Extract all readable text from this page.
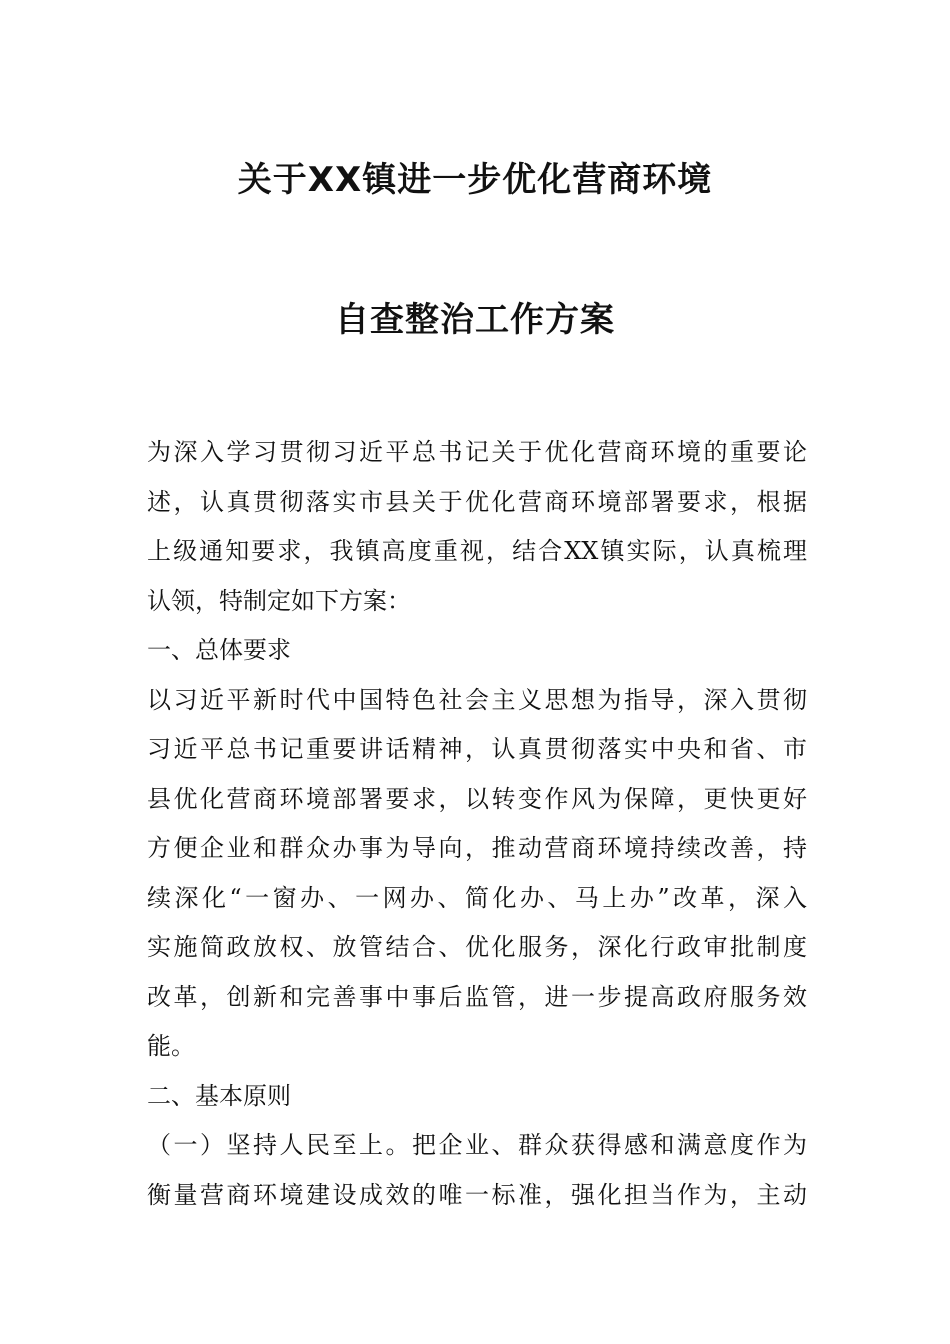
关于XX镇进一步优化营商环境
自查整治工作方案
为深入学习贯彻习近平总书记关于优化营商环境的重要论
述，认真贯彻落实市县关于优化营商环境部署要求，根据
上级通知要求，我镇高度重视，结合XX镇实际，认真梳理
认领，特制定如下方案：
一、总体要求
以习近平新时代中国特色社会主义思想为指导，深入贯彻
习近平总书记重要讲话精神，认真贯彻落实中央和省、市
县优化营商环境部署要求，以转变作风为保障，更快更好
方便企业和群众办事为导向，推动营商环境持续改善，持
续深化“一窗办、一网办、简化办、马上办”改革，深入
实施简政放权、放管结合、优化服务，深化行政审批制度
改革，创新和完善事中事后监管，进一步提高政府服务效
能。
二、基本原则
（一）坚持人民至上。把企业、群众获得感和满意度作为
衡量营商环境建设成效的唯一标准，强化担当作为，主动
